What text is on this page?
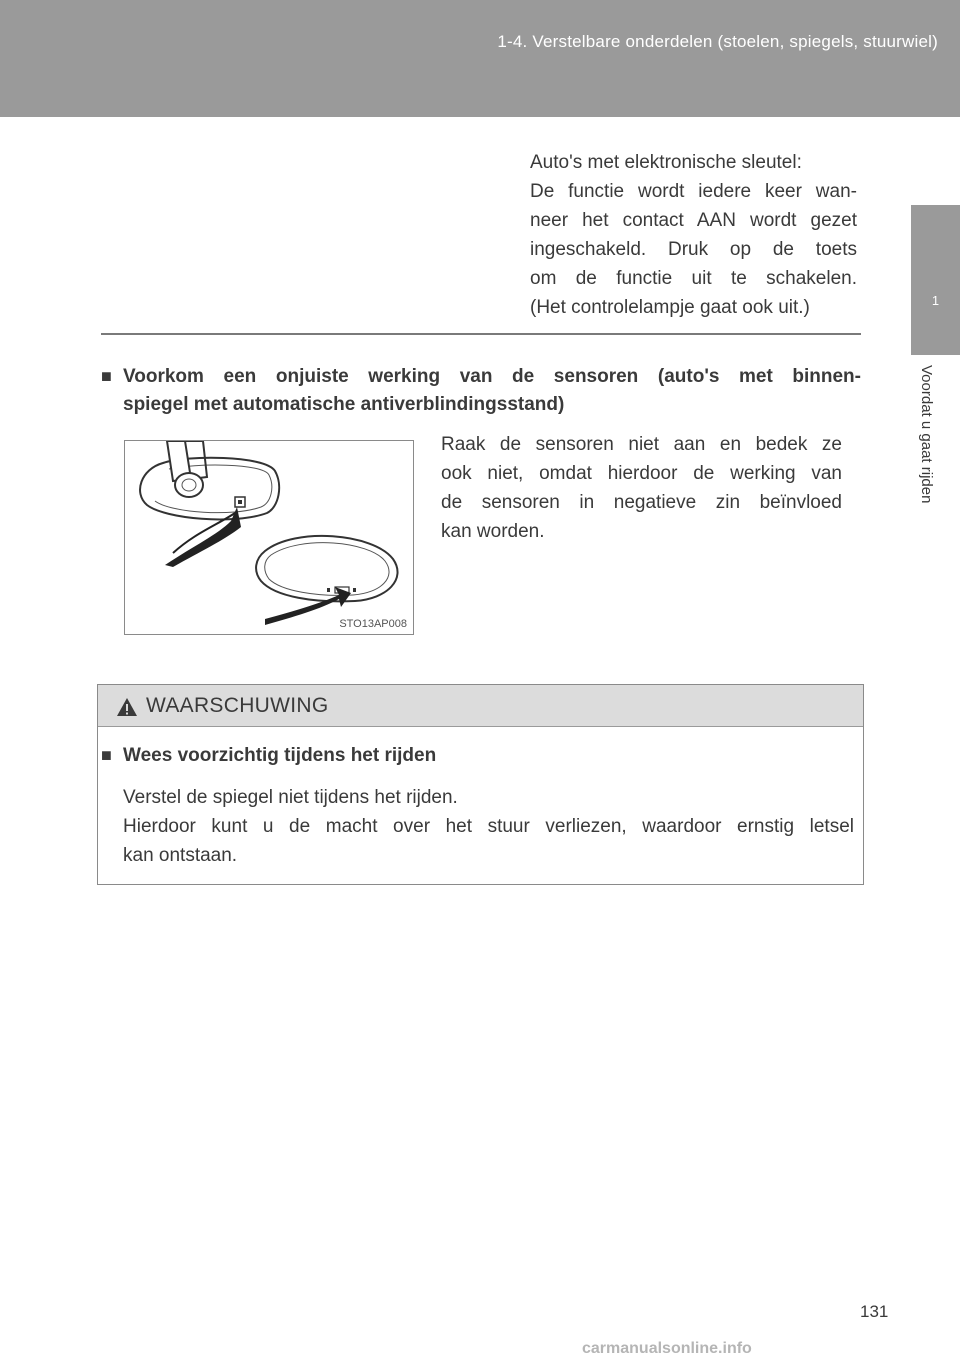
1-4. Verstelbare onderdelen (stoelen, spiegels, stuurwiel)
1
Voordat u gaat rijden
Auto's met elektronische sleutel:
De functie wordt iedere keer wan-
neer het contact AAN wordt gezet
ingeschakeld. Druk op de toets
om de functie uit te schakelen.
(Het controlelampje gaat ook uit.)
■ Voorkom een onjuiste werking van de sensoren (auto's met binnen-
spiegel met automatische antiverblindingsstand)
STO13AP008
Raak de sensoren niet aan en bedek ze
ook niet, omdat hierdoor de werking van
de sensoren in negatieve zin beïnvloed
kan worden.
WAARSCHUWING
■ Wees voorzichtig tijdens het rijden
Verstel de spiegel niet tijdens het rijden.
Hierdoor kunt u de macht over het stuur verliezen, waardoor ernstig letsel
kan ontstaan.
131
carmanualsonline.info
